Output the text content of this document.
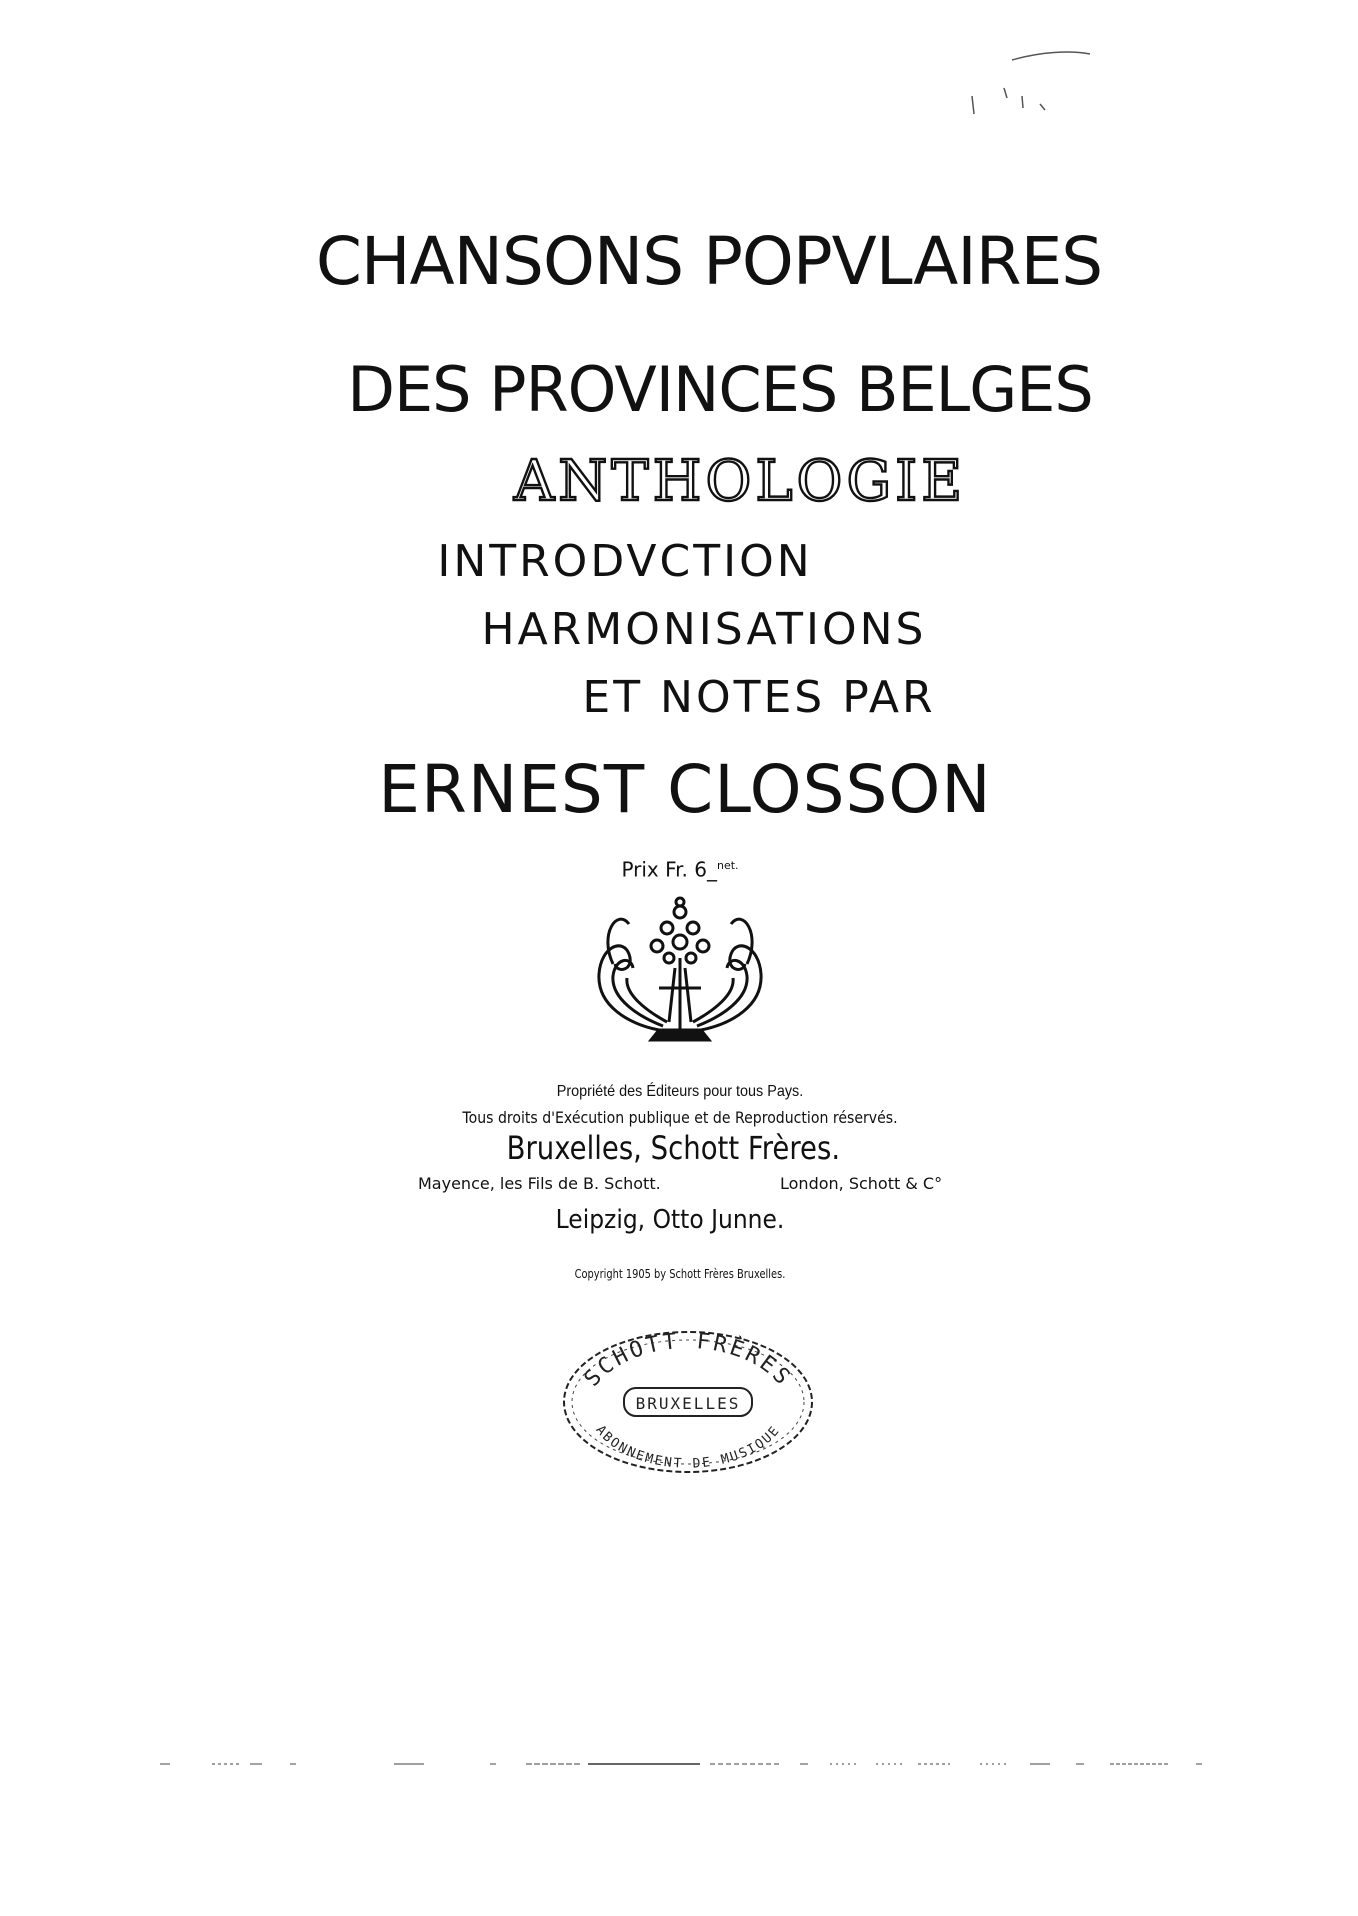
CHANSONS POPVLAIRES
DES PROVINCES BELGES
ANTHOLOGIE
INTRODVCTION
HARMONISATIONS
ET NOTES PAR
ERNEST CLOSSON
Prix Fr. 6_$^{net.}$
Propriété des Éditeurs pour tous Pays.
Tous droits d'Exécution publique et de Reproduction réservés.
Bruxelles, Schott Frères.
Mayence, les Fils de B. Schott.	London, Schott & C°
Leipzig, Otto Junne.
Copyright 1905 by Schott Frères Bruxelles.
SCHOTT FRÈRES
BRUXELLES
ABONNEMENT DE MUSIQUE
